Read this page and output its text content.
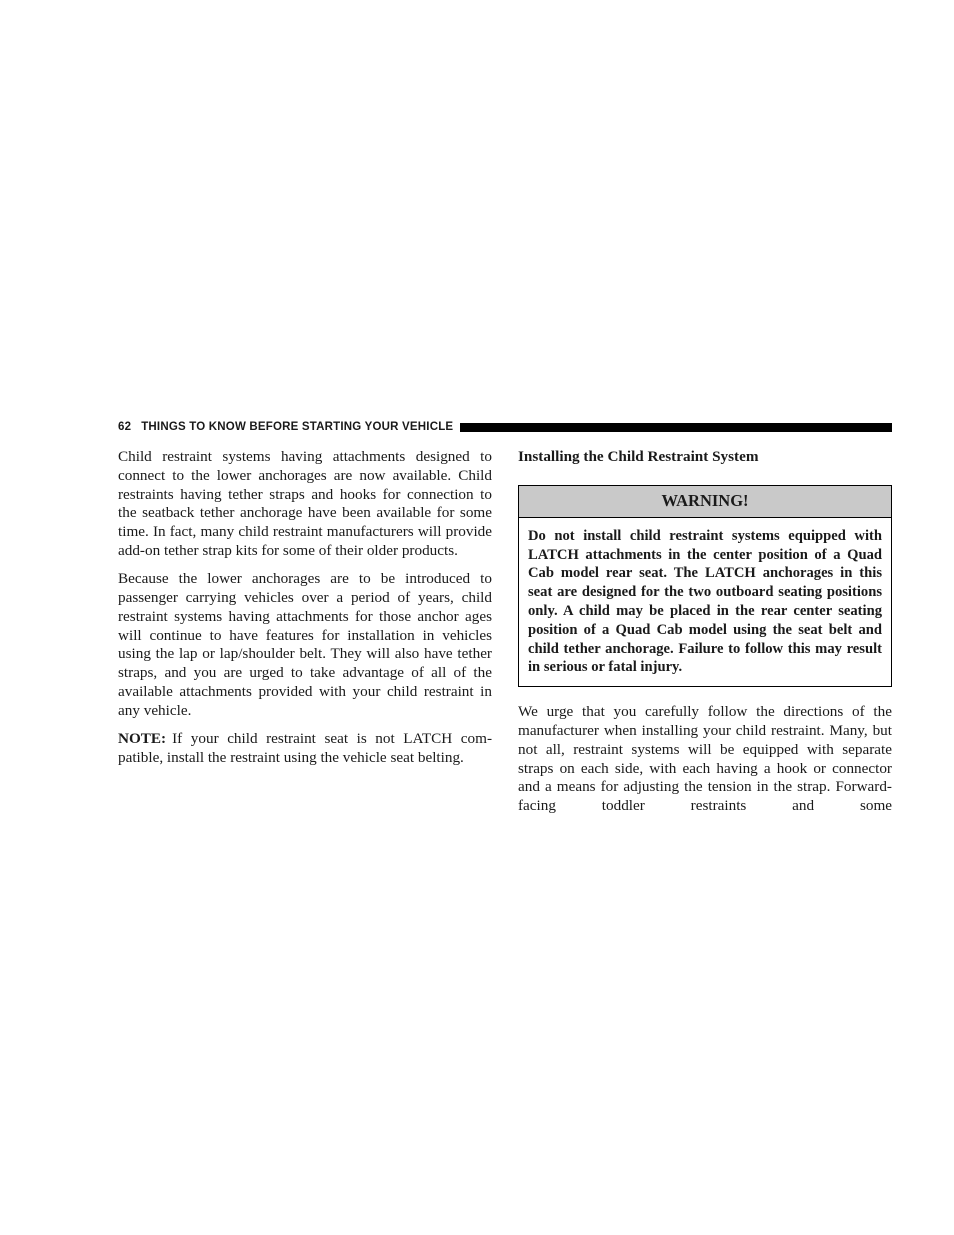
62 THINGS TO KNOW BEFORE STARTING YOUR VEHICLE

Child restraint systems having attachments designed to connect to the lower anchorages are now available. Child restraints having tether straps and hooks for connection to the seatback tether anchorage have been available for some time. In fact, many child restraint manufacturers will provide add-on tether strap kits for some of their older products.

Because the lower anchorages are to be introduced to passenger carrying vehicles over a period of years, child restraint systems having attachments for those anchor ages will continue to have features for installation in vehicles using the lap or lap/shoulder belt. They will also have tether straps, and you are urged to take advantage of all of the available attachments provided with your child restraint in any vehicle.

NOTE: If your child restraint seat is not LATCH compatible, install the restraint using the vehicle seat belting.

Installing the Child Restraint System
WARNING!
Do not install child restraint systems equipped with LATCH attachments in the center position of a Quad Cab model rear seat. The LATCH anchorages in this seat are designed for the two outboard seating positions only. A child may be placed in the rear center seating position of a Quad Cab model using the seat belt and child tether anchorage. Failure to follow this may result in serious or fatal injury.

We urge that you carefully follow the directions of the manufacturer when installing your child restraint. Many, but not all, restraint systems will be equipped with separate straps on each side, with each having a hook or connector and a means for adjusting the tension in the strap. Forward-facing toddler restraints and some
